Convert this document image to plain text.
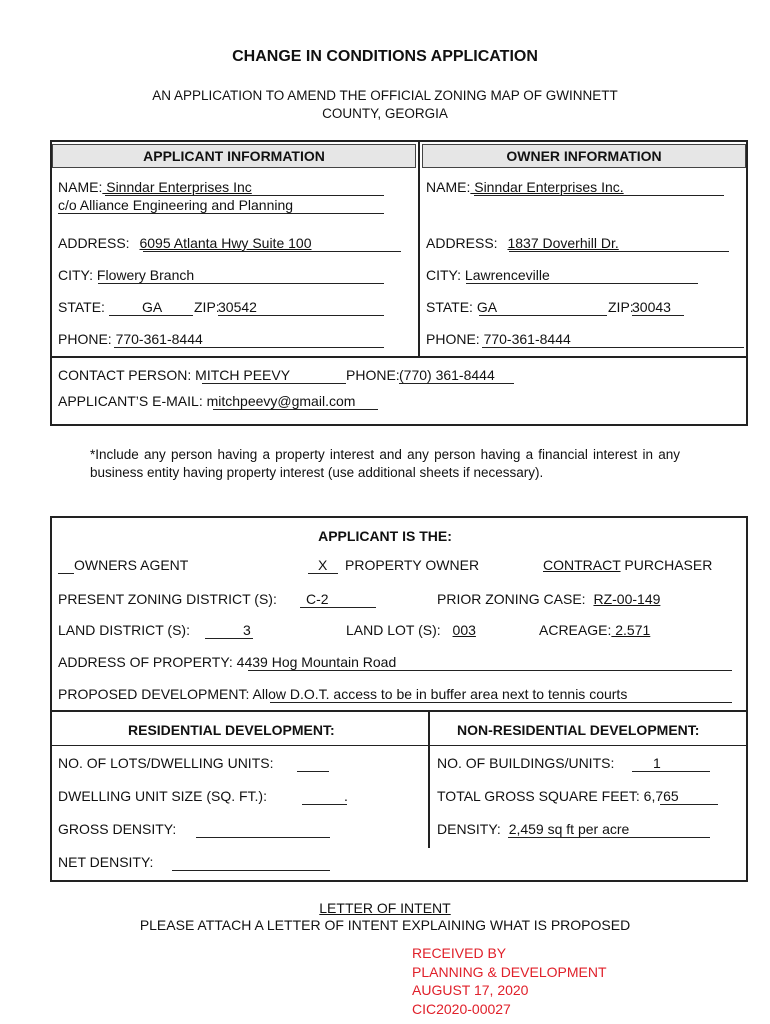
CHANGE IN CONDITIONS APPLICATION
AN APPLICATION TO AMEND THE OFFICIAL ZONING MAP OF GWINNETT
COUNTY, GEORGIA
APPLICANT INFORMATION	OWNER INFORMATION
NAME: Sinndar Enterprises Inc
c/o Alliance Engineering and Planning
ADDRESS: 6095 Atlanta Hwy Suite 100
CITY: Flowery Branch
STATE:	GA ZIP:
30542
PHONE: 770-361-8444
NAME: Sinndar Enterprises Inc.
ADDRESS: 1837 Doverhill Dr.
CITY: Lawrenceville
STATE: GA	ZIP:
30043
PHONE: 770-361-8444
CONTACT PERSON: MITCH PEEVY	PHONE: (770) 361-8444
APPLICANT’S E-MAIL: mitchpeevy@gmail.com
*Include any person having a property interest and any person having a financial interest in any business entity having property interest (use additional sheets if necessary).
APPLICANT IS THE:
OWNERS AGENT	X PROPERTY OWNER	CONTRACT PURCHASER
PRESENT ZONING DISTRICT (S): C-2	PRIOR ZONING CASE: RZ-00-149
LAND DISTRICT (S):	3	LAND LOT (S): 003	ACREAGE: 2.571
ADDRESS OF PROPERTY: 4439 Hog Mountain Road
PROPOSED DEVELOPMENT: Allow D.O.T. access to be in buffer area next to tennis courts
RESIDENTIAL DEVELOPMENT:	NON-RESIDENTIAL DEVELOPMENT:
NO. OF LOTS/DWELLING UNITS:
DWELLING UNIT SIZE (SQ. FT.):	.
GROSS DENSITY:
NET DENSITY:
NO. OF BUILDINGS/UNITS:	1
TOTAL GROSS SQUARE FEET: 6,765
DENSITY: 2,459 sq ft per acre
LETTER OF INTENT
PLEASE ATTACH A LETTER OF INTENT EXPLAINING WHAT IS PROPOSED
RECEIVED BY
PLANNING & DEVELOPMENT
AUGUST 17, 2020
CIC2020-00027
